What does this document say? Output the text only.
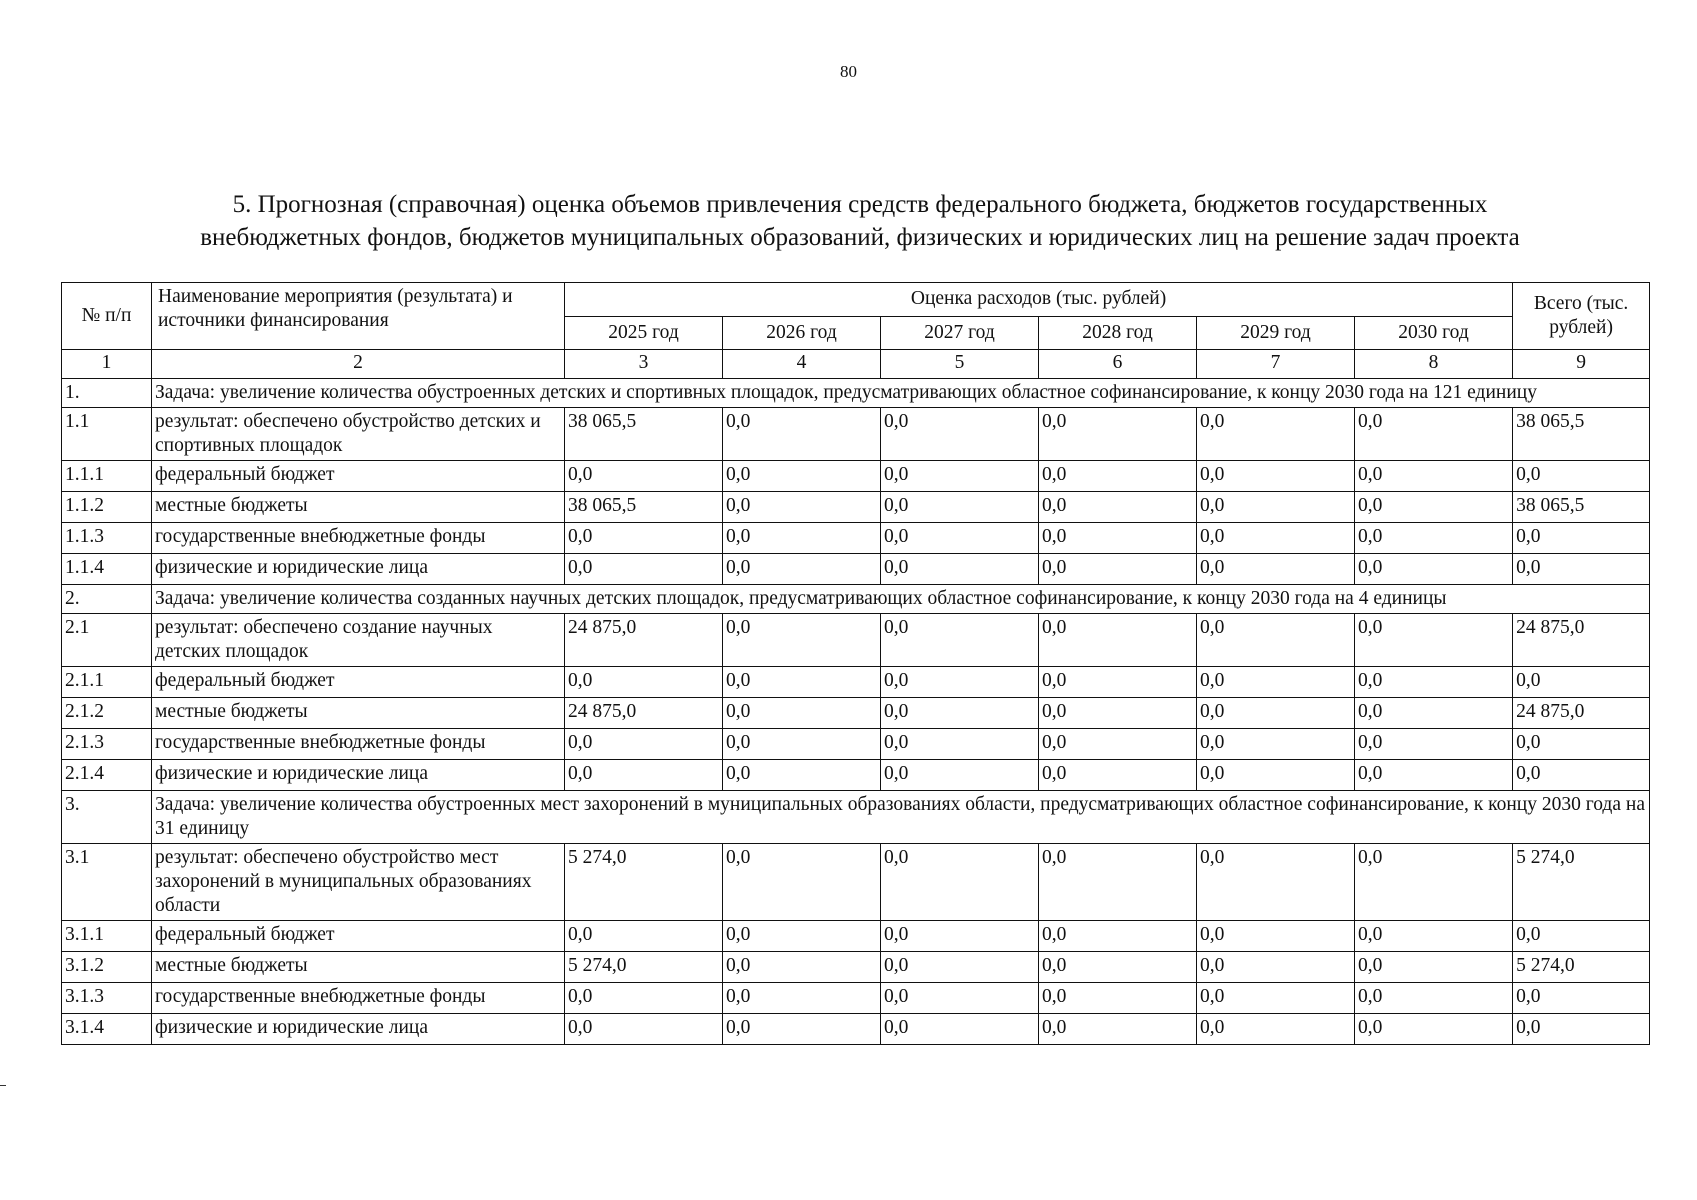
80
5. Прогнозная (справочная) оценка объемов привлечения средств федерального бюджета, бюджетов государственных
внебюджетных фондов, бюджетов муниципальных образований, физических и юридических лиц на решение задач проекта
№ п/п	Наименование мероприятия (результата) и источники финансирования	Оценка расходов (тыс. рублей)						Всего (тыс. рублей)
		2025 год	2026 год	2027 год	2028 год	2029 год	2030 год	
1	2	3	4	5	6	7	8	9
1.	Задача: увеличение количества обустроенных детских и спортивных площадок, предусматривающих областное софинансирование, к концу 2030 года на 121 единицу							
1.1	результат: обеспечено обустройство детских и спортивных площадок	38 065,5	0,0	0,0	0,0	0,0	0,0	38 065,5
1.1.1	федеральный бюджет	0,0	0,0	0,0	0,0	0,0	0,0	0,0
1.1.2	местные бюджеты	38 065,5	0,0	0,0	0,0	0,0	0,0	38 065,5
1.1.3	государственные внебюджетные фонды	0,0	0,0	0,0	0,0	0,0	0,0	0,0
1.1.4	физические и юридические лица	0,0	0,0	0,0	0,0	0,0	0,0	0,0
2.	Задача: увеличение количества созданных научных детских площадок, предусматривающих областное софинансирование, к концу 2030 года на 4 единицы							
2.1	результат: обеспечено создание научных детских площадок	24 875,0	0,0	0,0	0,0	0,0	0,0	24 875,0
2.1.1	федеральный бюджет	0,0	0,0	0,0	0,0	0,0	0,0	0,0
2.1.2	местные бюджеты	24 875,0	0,0	0,0	0,0	0,0	0,0	24 875,0
2.1.3	государственные внебюджетные фонды	0,0	0,0	0,0	0,0	0,0	0,0	0,0
2.1.4	физические и юридические лица	0,0	0,0	0,0	0,0	0,0	0,0	0,0
3.	Задача: увеличение количества обустроенных мест захоронений в муниципальных образованиях области, предусматривающих областное софинансирование, к концу 2030 года на 31 единицу							
3.1	результат: обеспечено обустройство мест захоронений в муниципальных образованиях области	5 274,0	0,0	0,0	0,0	0,0	0,0	5 274,0
3.1.1	федеральный бюджет	0,0	0,0	0,0	0,0	0,0	0,0	0,0
3.1.2	местные бюджеты	5 274,0	0,0	0,0	0,0	0,0	0,0	5 274,0
3.1.3	государственные внебюджетные фонды	0,0	0,0	0,0	0,0	0,0	0,0	0,0
3.1.4	физические и юридические лица	0,0	0,0	0,0	0,0	0,0	0,0	0,0
